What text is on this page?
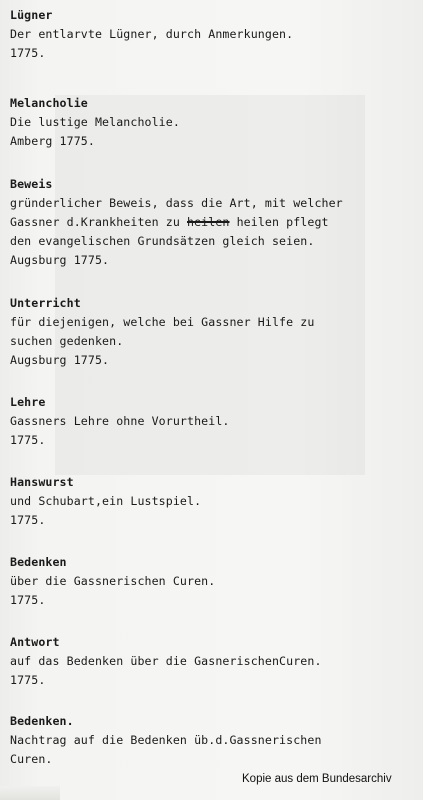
Lügner
Der entlarvte Lügner, durch Anmerkungen.
1775.
Melancholie
Die lustige Melancholie.
Amberg 1775.
Beweis
gründerlicher Beweis, dass die Art, mit welcher
Gassner d.Krankheiten zu heilen heilen pflegt
den evangelischen Grundsätzen gleich seien.
Augsburg 1775.
Unterricht
für diejenigen, welche bei Gassner Hilfe zu
suchen gedenken.
Augsburg 1775.
Lehre
Gassners Lehre ohne Vorurtheil.
1775.
Hanswurst
und Schubart,ein Lustspiel.
1775.
Bedenken
über die Gassnerischen Curen.
1775.
Antwort
auf das Bedenken über die GasnerischenCuren.
1775.
Bedenken.
Nachtrag auf die Bedenken üb.d.Gassnerischen
Curen.
Kopie aus dem Bundesarchiv
